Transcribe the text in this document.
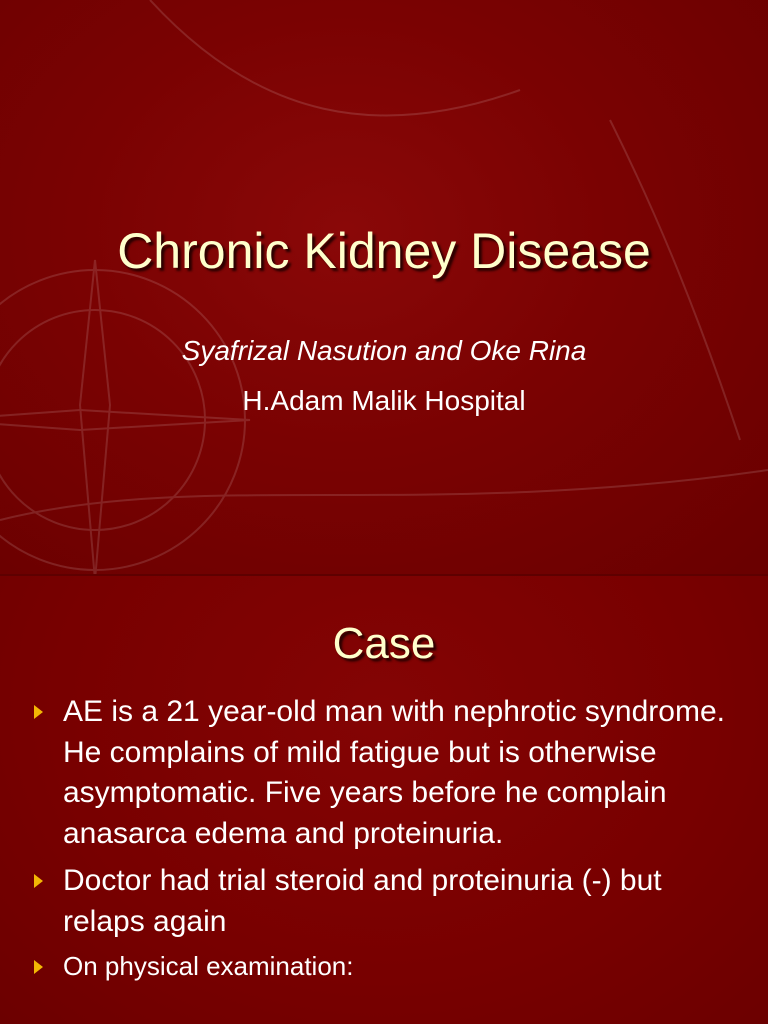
Chronic Kidney Disease
Syafrizal Nasution and Oke Rina
H.Adam Malik Hospital
Case
AE is a 21 year-old man with nephrotic syndrome. He complains of mild fatigue but is otherwise asymptomatic. Five years before he complain anasarca edema and proteinuria.
Doctor had trial steroid and proteinuria (-) but relaps again
On physical examination:
